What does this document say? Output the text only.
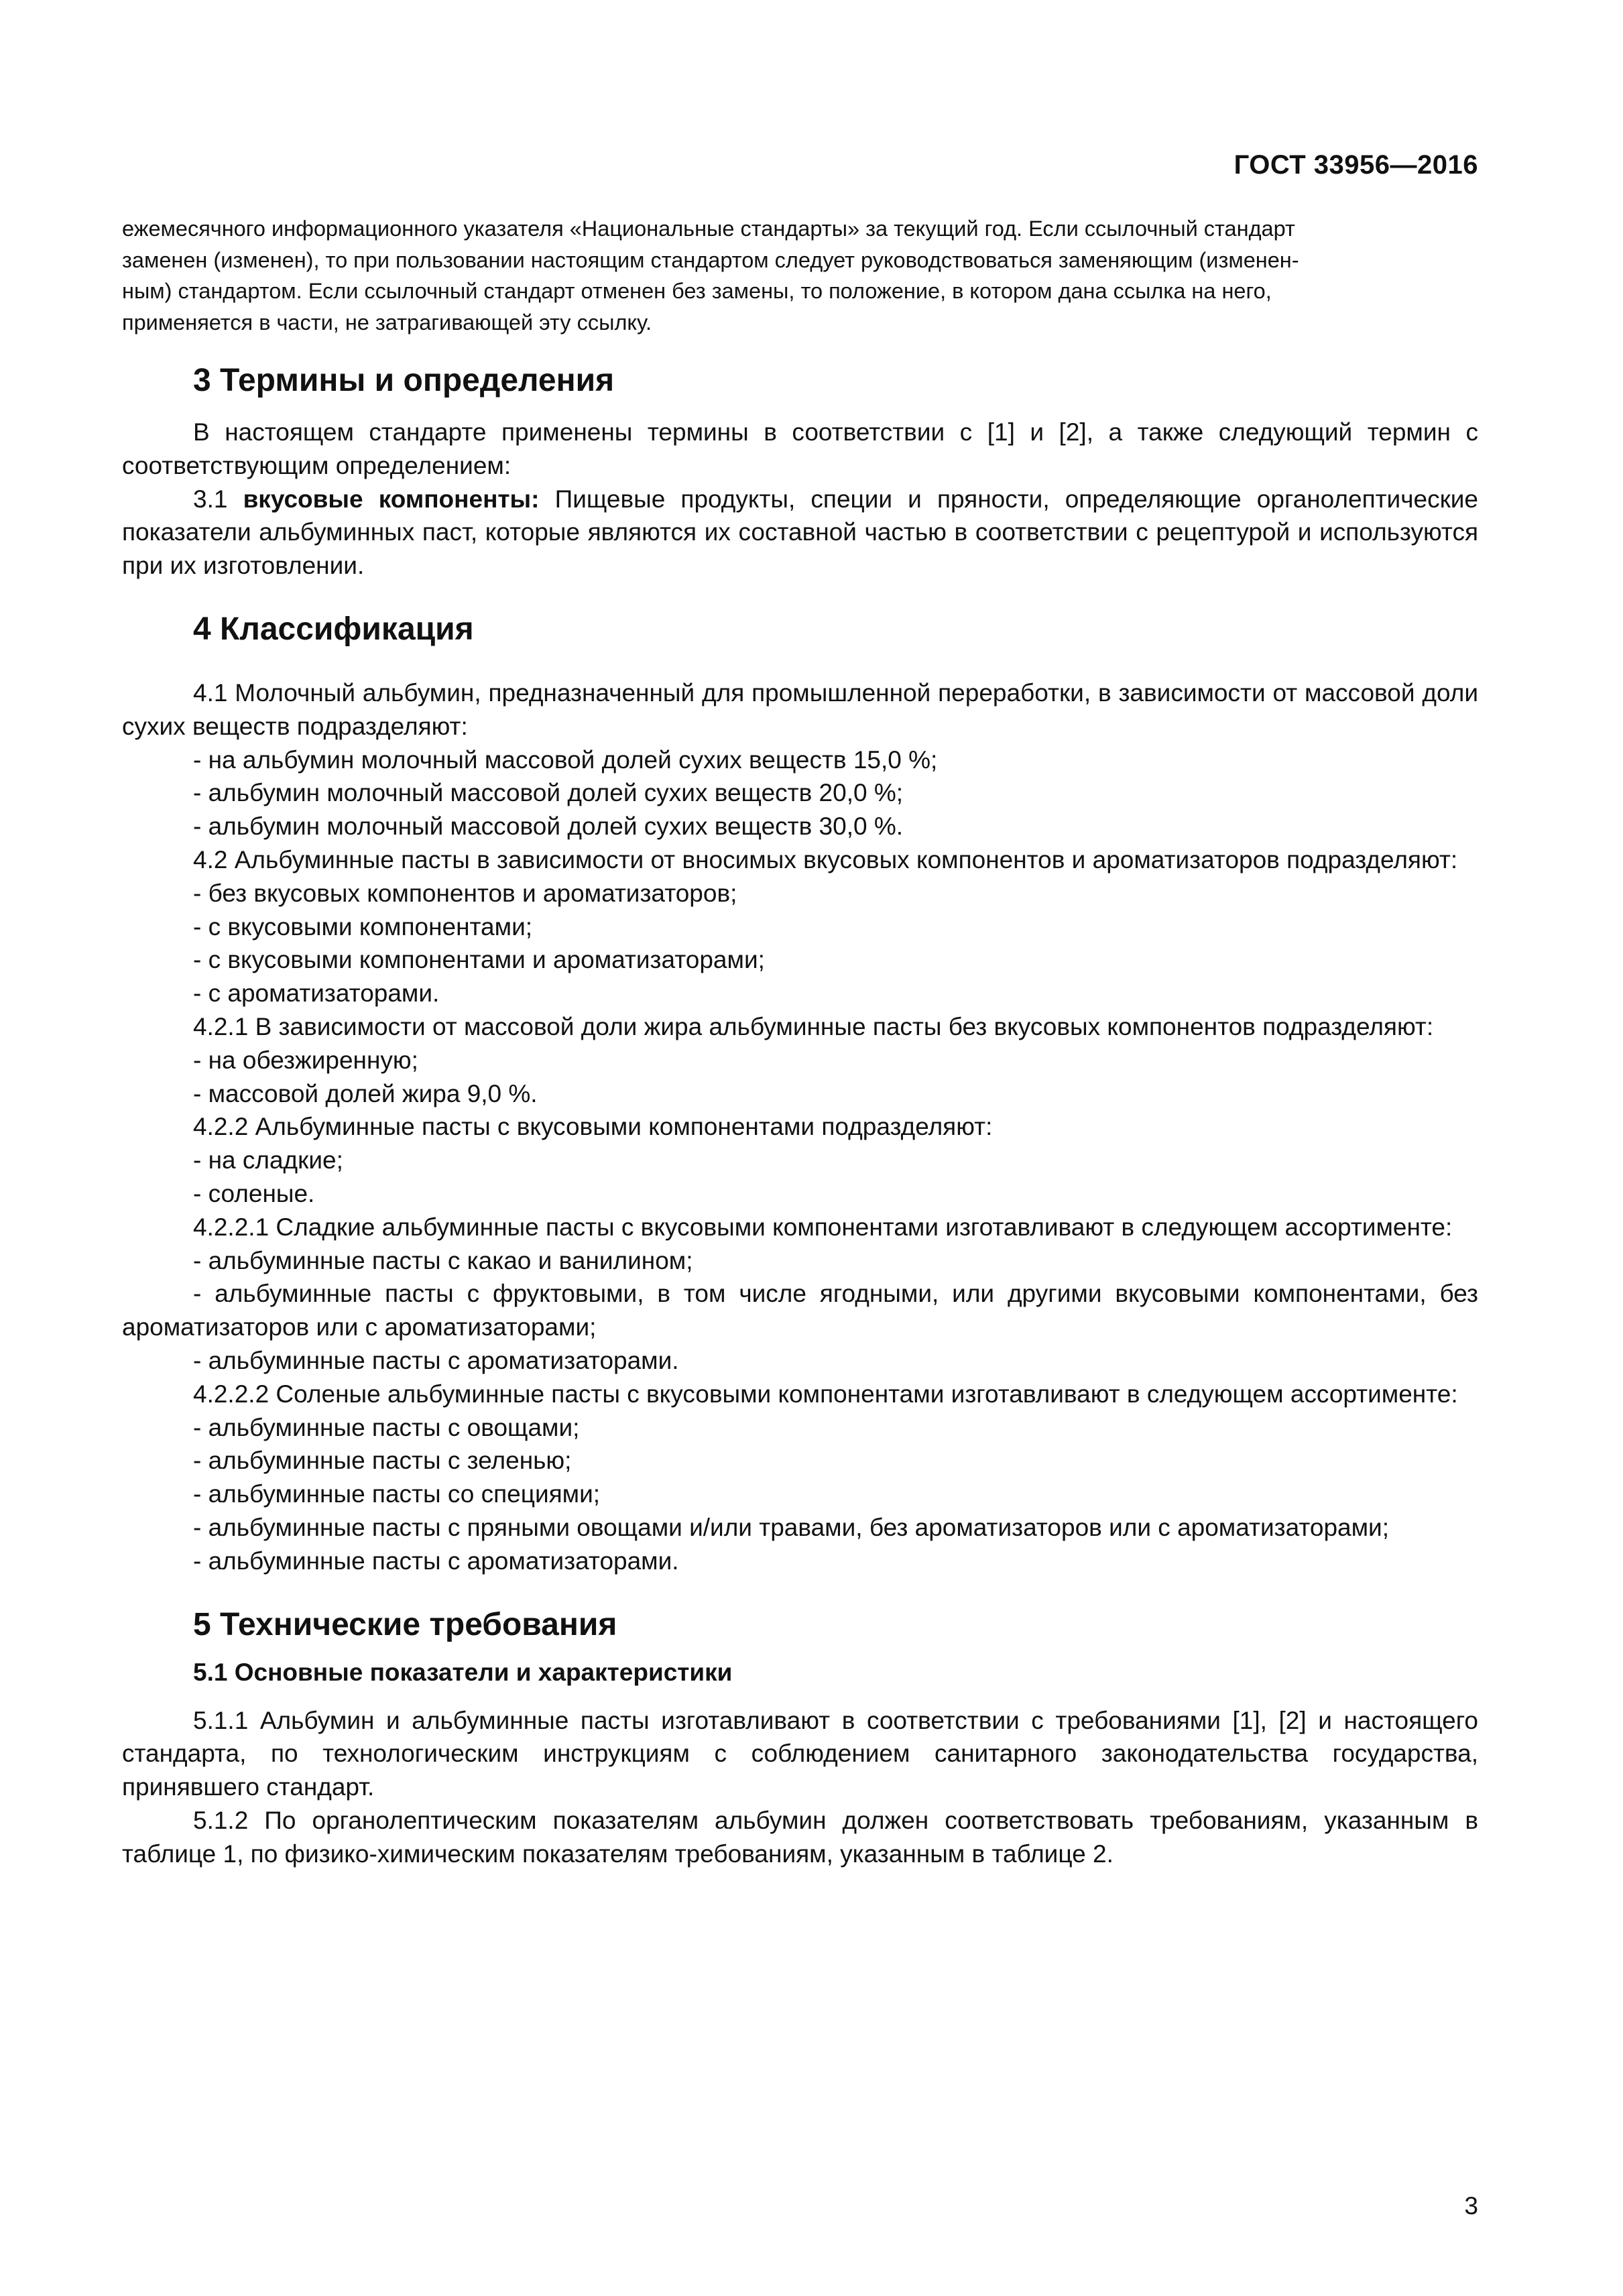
ГОСТ 33956—2016
ежемесячного информационного указателя «Национальные стандарты» за текущий год. Если ссылочный стандарт
заменен (изменен), то при пользовании настоящим стандартом следует руководствоваться заменяющим (изменен-
ным) стандартом. Если ссылочный стандарт отменен без замены, то положение, в котором дана ссылка на него,
применяется в части, не затрагивающей эту ссылку.
3 Термины и определения

В настоящем стандарте применены термины в соответствии с [1] и [2], а также следующий термин с соответствующим определением:

3.1 вкусовые компоненты: Пищевые продукты, специи и пряности, определяющие органолептические показатели альбуминных паст, которые являются их составной частью в соответствии с рецептурой и используются при их изготовлении.

4 Классификация

4.1 Молочный альбумин, предназначенный для промышленной переработки, в зависимости от массовой доли сухих веществ подразделяют:

- на альбумин молочный массовой долей сухих веществ 15,0 %;

- альбумин молочный массовой долей сухих веществ 20,0 %;

- альбумин молочный массовой долей сухих веществ 30,0 %.

4.2 Альбуминные пасты в зависимости от вносимых вкусовых компонентов и ароматизаторов подразделяют:

- без вкусовых компонентов и ароматизаторов;

- с вкусовыми компонентами;

- с вкусовыми компонентами и ароматизаторами;

- с ароматизаторами.

4.2.1 В зависимости от массовой доли жира альбуминные пасты без вкусовых компонентов подразделяют:

- на обезжиренную;

- массовой долей жира 9,0 %.

4.2.2 Альбуминные пасты с вкусовыми компонентами подразделяют:

- на сладкие;

- соленые.

4.2.2.1 Сладкие альбуминные пасты с вкусовыми компонентами изготавливают в следующем ассортименте:

- альбуминные пасты с какао и ванилином;

- альбуминные пасты с фруктовыми, в том числе ягодными, или другими вкусовыми компонентами, без ароматизаторов или с ароматизаторами;

- альбуминные пасты с ароматизаторами.

4.2.2.2 Соленые альбуминные пасты с вкусовыми компонентами изготавливают в следующем ассортименте:

- альбуминные пасты с овощами;

- альбуминные пасты с зеленью;

- альбуминные пасты со специями;

- альбуминные пасты с пряными овощами и/или травами, без ароматизаторов или с ароматизаторами;

- альбуминные пасты с ароматизаторами.

5 Технические требования
5.1 Основные показатели и характеристики

5.1.1 Альбумин и альбуминные пасты изготавливают в соответствии с требованиями [1], [2] и настоящего стандарта, по технологическим инструкциям с соблюдением санитарного законодательства государства, принявшего стандарт.

5.1.2 По органолептическим показателям альбумин должен соответствовать требованиям, указанным в таблице 1, по физико-химическим показателям требованиям, указанным в таблице 2.

3
